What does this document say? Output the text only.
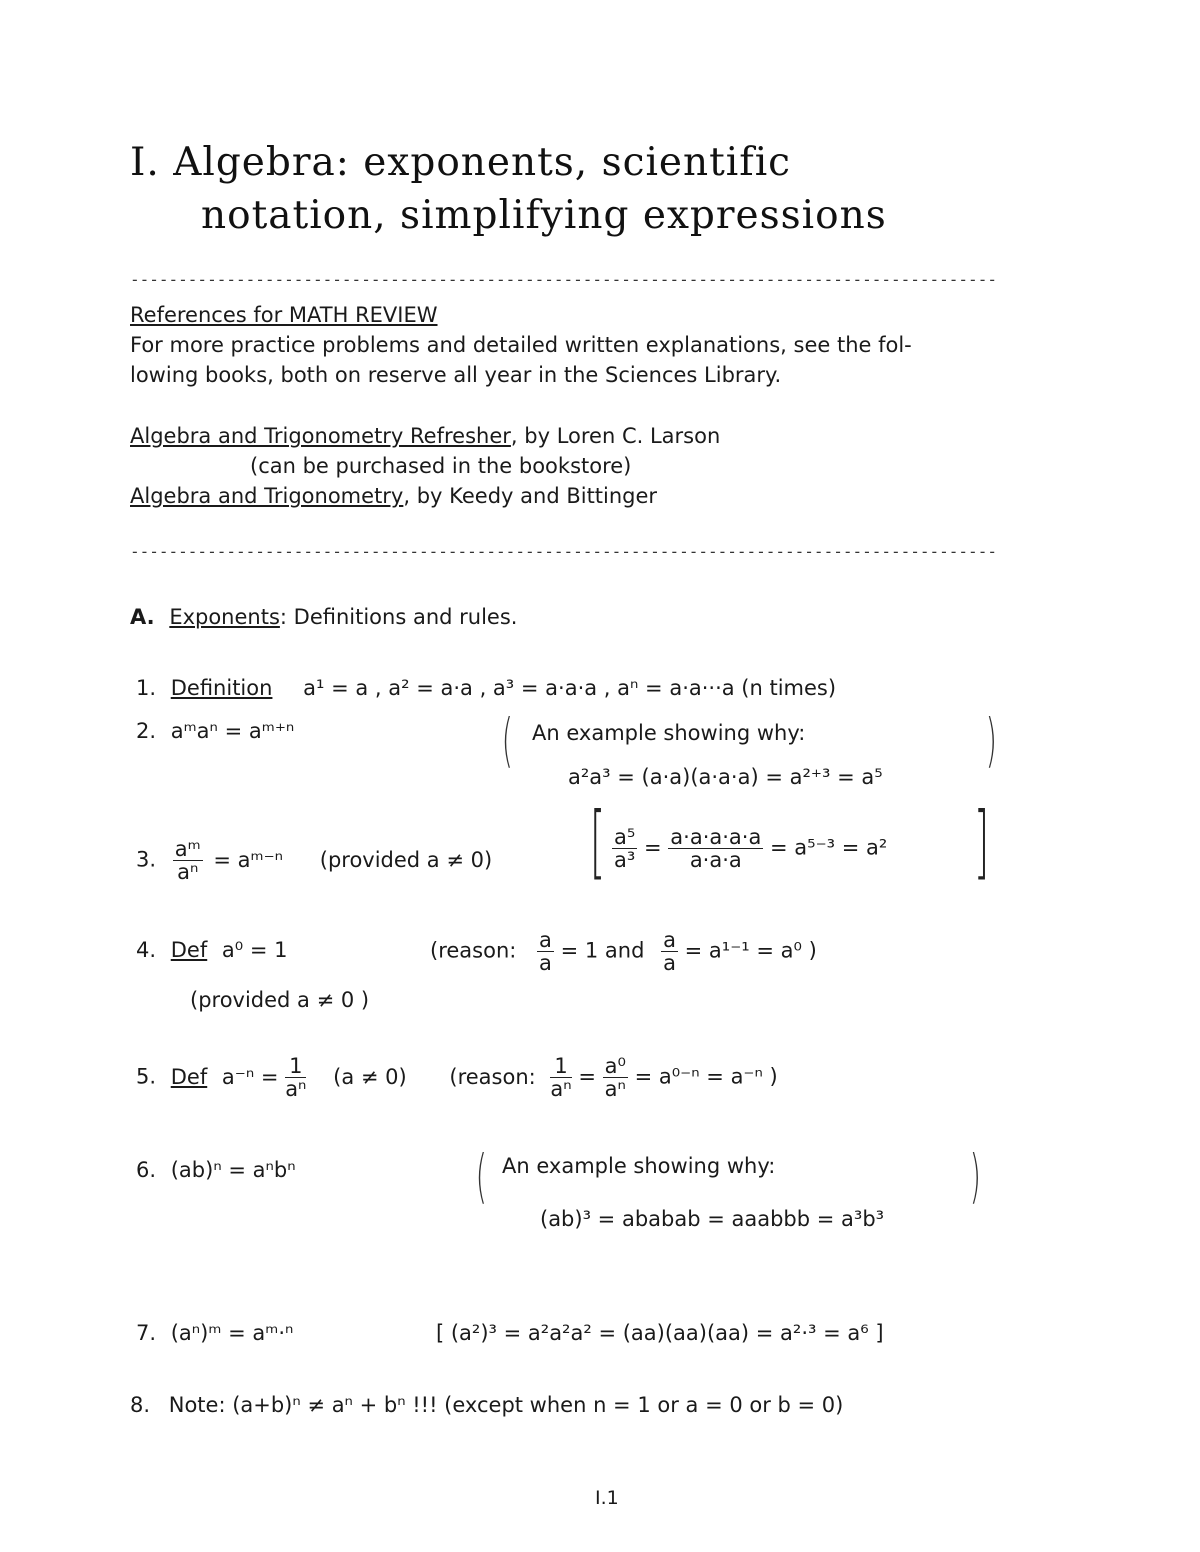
I. Algebra: exponents, scientific
notation, simplifying expressions
------------------------------------------------------------------------------------------
References for MATH REVIEW
For more practice problems and detailed written explanations, see the fol-
lowing books, both on reserve all year in the Sciences Library.
Algebra and Trigonometry Refresher, by Loren C. Larson
(can be purchased in the bookstore)
Algebra and Trigonometry, by Keedy and Bittinger
------------------------------------------------------------------------------------------
A. Exponents: Definitions and rules.
1. Definition a¹ = a , a² = a·a , a³ = a·a·a , aⁿ = a·a···a (n times)
2. aᵐaⁿ = aᵐ⁺ⁿ	( An example showing why:
a²a³ = (a·a)(a·a·a) = a²⁺³ = a⁵
)
3. $\frac{\text{aᵐ}}{\text{aⁿ}}$ = aᵐ⁻ⁿ (provided a ≠ 0) [ $\frac{\text{a⁵}}{\text{a³}} = \frac{a\cdot a\cdot a\cdot a\cdot a}{a\cdot a\cdot a} = a^{5-3} = a^2$ ]
4. Def a⁰ = 1	(reason: $\frac{a}{a} = 1$ and $\frac{a}{a} = a^{1-1} = a^0$ )
(provided a ≠ 0 )
5. Def $a^{-n} = \frac{1}{\text{aⁿ}} (a \ne 0)$ (reason: $\frac{1}{\text{aⁿ}} = \frac{\text{a⁰}}{\text{aⁿ}} = a^{0-n} = a^{-n}$ )
6. (ab)ⁿ = aⁿbⁿ	( An example showing why:
(ab)³ = ababab = aaabbb = a³b³
)
7. (aⁿ)ᵐ = aᵐ·ⁿ	[ (a²)³ = a²a²a² = (aa)(aa)(aa) = a²·³ = a⁶ ]
8. Note: (a+b)ⁿ ≠ aⁿ + bⁿ !!! (except when n = 1 or a = 0 or b = 0)
I.1
